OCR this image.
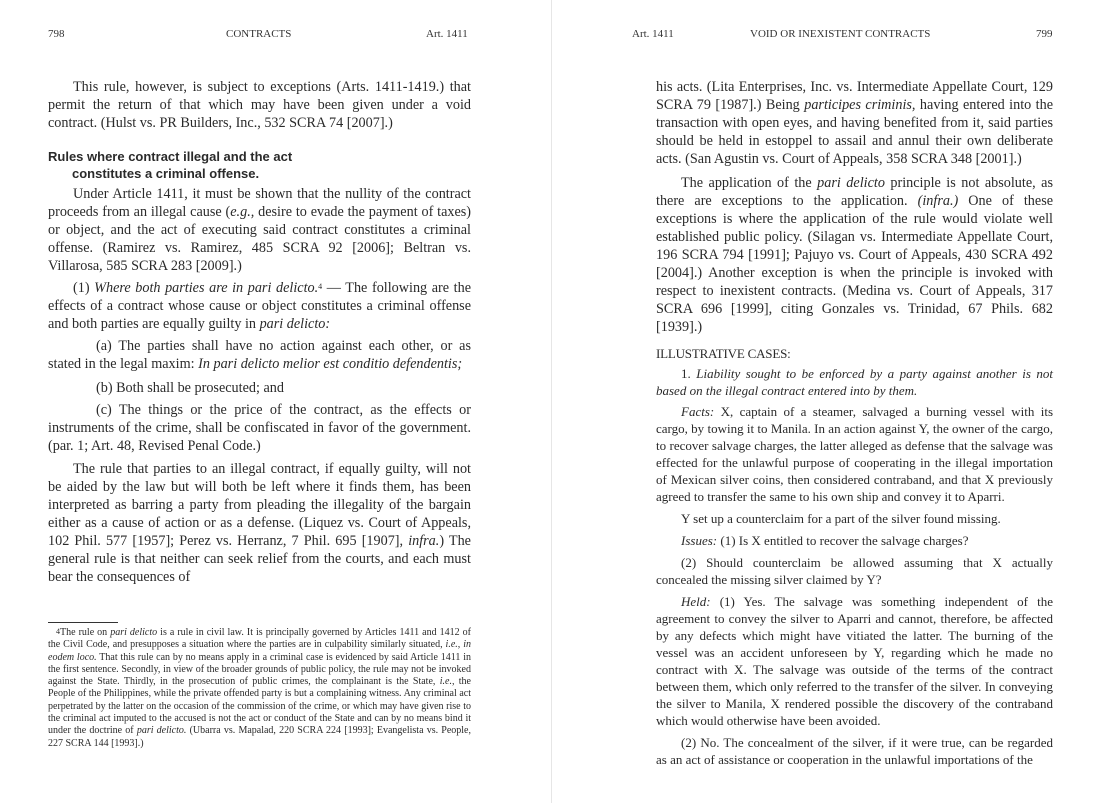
798	CONTRACTS	Art. 1411

This rule, however, is subject to exceptions (Arts. 1411-1419.) that permit the return of that which may have been given under a void contract. (Hulst vs. PR Builders, Inc., 532 SCRA 74 [2007].)

Rules where contract illegal and the act
constitutes a criminal offense.

Under Article 1411, it must be shown that the nullity of the contract proceeds from an illegal cause (e.g., desire to evade the payment of taxes) or object, and the act of executing said contract constitutes a criminal offense. (Ramirez vs. Ramirez, 485 SCRA 92 [2006]; Beltran vs. Villarosa, 585 SCRA 283 [2009].)

(1) Where both parties are in pari delicto.$^4$ — The following are the effects of a contract whose cause or object constitutes a criminal offense and both parties are equally guilty in pari delicto:

(a) The parties shall have no action against each other, or as stated in the legal maxim: In pari delicto melior est conditio defendentis;

(b) Both shall be prosecuted; and

(c) The things or the price of the contract, as the effects or instruments of the crime, shall be confiscated in favor of the government. (par. 1; Art. 48, Revised Penal Code.)

The rule that parties to an illegal contract, if equally guilty, will not be aided by the law but will both be left where it finds them, has been interpreted as barring a party from pleading the illegality of the bargain either as a cause of action or as a defense. (Liquez vs. Court of Appeals, 102 Phil. 577 [1957]; Perez vs. Herranz, 7 Phil. 695 [1907], infra.) The general rule is that neither can seek relief from the courts, and each must bear the consequences of

$^4$The rule on pari delicto is a rule in civil law. It is principally governed by Articles 1411 and 1412 of the Civil Code, and presupposes a situation where the parties are in culpability similarly situated, i.e., in eodem loco. That this rule can by no means apply in a criminal case is evidenced by said Article 1411 in the first sentence. Secondly, in view of the broader grounds of public policy, the rule may not be invoked against the State. Thirdly, in the prosecution of public crimes, the complainant is the State, i.e., the People of the Philippines, while the private offended party is but a complaining witness. Any criminal act perpetrated by the latter on the occasion of the commission of the crime, or which may have given rise to the criminal act imputed to the accused is not the act or conduct of the State and can by no means bind it under the doctrine of pari delicto. (Ubarra vs. Mapalad, 220 SCRA 224 [1993]; Evangelista vs. People, 227 SCRA 144 [1993].)

Art. 1411	VOID OR INEXISTENT CONTRACTS	799

his acts. (Lita Enterprises, Inc. vs. Intermediate Appellate Court, 129 SCRA 79 [1987].) Being participes criminis, having entered into the transaction with open eyes, and having benefited from it, said parties should be held in estoppel to assail and annul their own deliberate acts. (San Agustin vs. Court of Appeals, 358 SCRA 348 [2001].)

The application of the pari delicto principle is not absolute, as there are exceptions to the application. (infra.) One of these exceptions is where the application of the rule would violate well established public policy. (Silagan vs. Intermediate Appellate Court, 196 SCRA 794 [1991]; Pajuyo vs. Court of Appeals, 430 SCRA 492 [2004].) Another exception is when the principle is invoked with respect to inexistent contracts. (Medina vs. Court of Appeals, 317 SCRA 696 [1999], citing Gonzales vs. Trinidad, 67 Phils. 682 [1939].)

ILLUSTRATIVE CASES:

1. Liability sought to be enforced by a party against another is not based on the illegal contract entered into by them.

Facts: X, captain of a steamer, salvaged a burning vessel with its cargo, by towing it to Manila. In an action against Y, the owner of the cargo, to recover salvage charges, the latter alleged as defense that the salvage was effected for the unlawful purpose of cooperating in the illegal importation of Mexican silver coins, then considered contraband, and that X previously agreed to transfer the same to his own ship and convey it to Aparri.

Y set up a counterclaim for a part of the silver found missing.

Issues: (1) Is X entitled to recover the salvage charges?

(2) Should counterclaim be allowed assuming that X actually concealed the missing silver claimed by Y?

Held: (1) Yes. The salvage was something independent of the agreement to convey the silver to Aparri and cannot, therefore, be affected by any defects which might have vitiated the latter. The burning of the vessel was an accident unforeseen by Y, regarding which he made no contract with X. The salvage was outside of the terms of the contract between them, which only referred to the transfer of the silver. In conveying the silver to Manila, X rendered possible the discovery of the contraband which would otherwise have been avoided.

(2) No. The concealment of the silver, if it were true, can be regarded as an act of assistance or cooperation in the unlawful importations of the
